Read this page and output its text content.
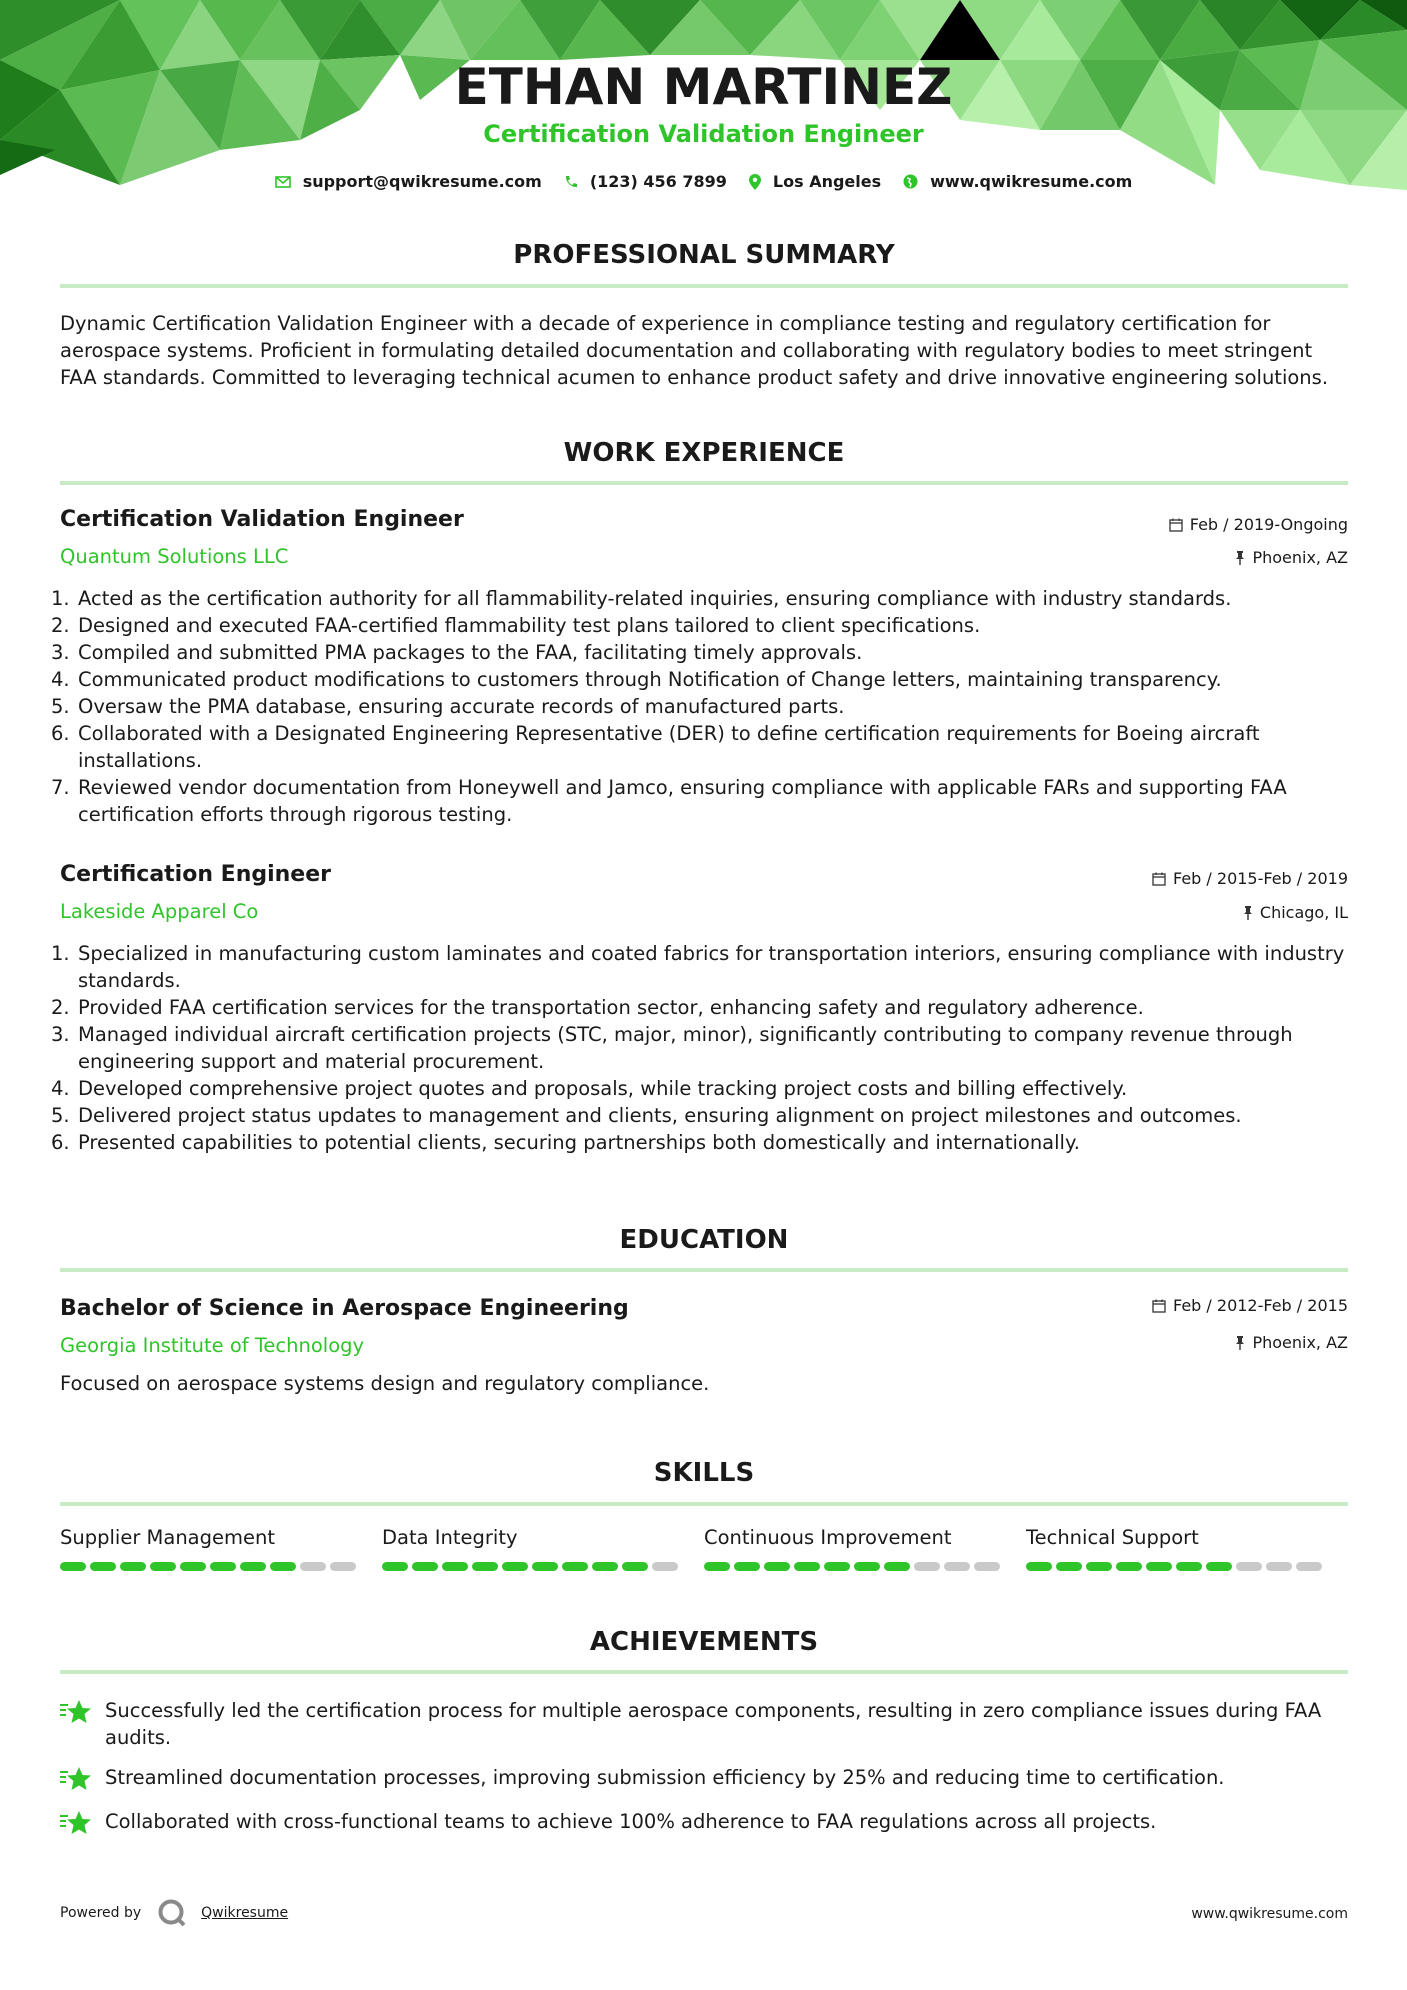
ETHAN MARTINEZ
Certification Validation Engineer
support@qwikresume.com	(123) 456 7899	Los Angeles	www.qwikresume.com
PROFESSIONAL SUMMARY
Dynamic Certification Validation Engineer with a decade of experience in compliance testing and regulatory certification for aerospace systems. Proficient in formulating detailed documentation and collaborating with regulatory bodies to meet stringent FAA standards. Committed to leveraging technical acumen to enhance product safety and drive innovative engineering solutions.
WORK EXPERIENCE
Certification Validation Engineer
Quantum Solutions LLC
Feb / 2019-Ongoing
Phoenix, AZ
1. Acted as the certification authority for all flammability-related inquiries, ensuring compliance with industry standards.
2. Designed and executed FAA-certified flammability test plans tailored to client specifications.
3. Compiled and submitted PMA packages to the FAA, facilitating timely approvals.
4. Communicated product modifications to customers through Notification of Change letters, maintaining transparency.
5. Oversaw the PMA database, ensuring accurate records of manufactured parts.
6. Collaborated with a Designated Engineering Representative (DER) to define certification requirements for Boeing aircraft installations.
7. Reviewed vendor documentation from Honeywell and Jamco, ensuring compliance with applicable FARs and supporting FAA certification efforts through rigorous testing.
Certification Engineer
Lakeside Apparel Co
Feb / 2015-Feb / 2019
Chicago, IL
1. Specialized in manufacturing custom laminates and coated fabrics for transportation interiors, ensuring compliance with industry standards.
2. Provided FAA certification services for the transportation sector, enhancing safety and regulatory adherence.
3. Managed individual aircraft certification projects (STC, major, minor), significantly contributing to company revenue through engineering support and material procurement.
4. Developed comprehensive project quotes and proposals, while tracking project costs and billing effectively.
5. Delivered project status updates to management and clients, ensuring alignment on project milestones and outcomes.
6. Presented capabilities to potential clients, securing partnerships both domestically and internationally.
EDUCATION
Bachelor of Science in Aerospace Engineering
Georgia Institute of Technology
Feb / 2012-Feb / 2015
Phoenix, AZ
Focused on aerospace systems design and regulatory compliance.
SKILLS
Supplier Management	Data Integrity	Continuous Improvement	Technical Support
ACHIEVEMENTS
Successfully led the certification process for multiple aerospace components, resulting in zero compliance issues during FAA audits.
Streamlined documentation processes, improving submission efficiency by 25% and reducing time to certification.
Collaborated with cross-functional teams to achieve 100% adherence to FAA regulations across all projects.
Powered by	Qwikresume	www.qwikresume.com
